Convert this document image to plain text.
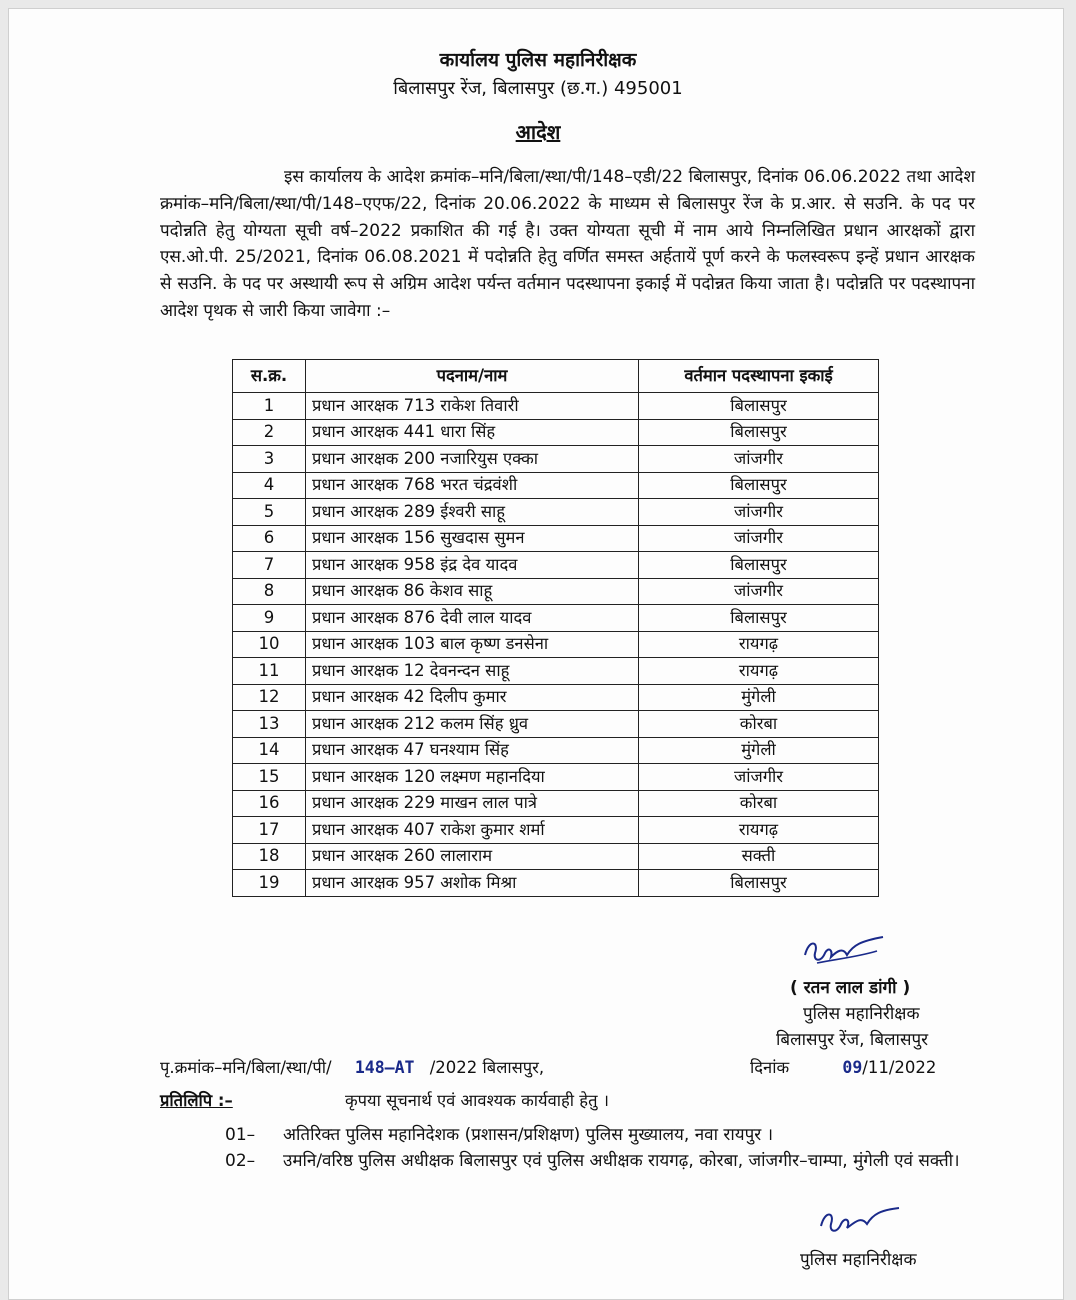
कार्यालय पुलिस महानिरीक्षक
बिलासपुर रेंज, बिलासपुर (छ.ग.) 495001
आदेश
इस कार्यालय के आदेश क्रमांक–मनि/बिला/स्था/पी/148–एडी/22 बिलासपुर, दिनांक 06.06.2022 तथा आदेश क्रमांक–मनि/बिला/स्था/पी/148–एएफ/22, दिनांक 20.06.2022 के माध्यम से बिलासपुर रेंज के प्र.आर. से सउनि. के पद पर पदोन्नति हेतु योग्यता सूची वर्ष–2022 प्रकाशित की गई है। उक्त योग्यता सूची में नाम आये निम्नलिखित प्रधान आरक्षकों द्वारा एस.ओ.पी. 25/2021, दिनांक 06.08.2021 में पदोन्नति हेतु वर्णित समस्त अर्हतायें पूर्ण करने के फलस्वरूप इन्हें प्रधान आरक्षक से सउनि. के पद पर अस्थायी रूप से अग्रिम आदेश पर्यन्त वर्तमान पदस्थापना इकाई में पदोन्नत किया जाता है। पदोन्नति पर पदस्थापना आदेश पृथक से जारी किया जावेगा :–
स.क्र.	पदनाम/नाम	वर्तमान पदस्थापना इकाई
1	प्रधान आरक्षक 713 राकेश तिवारी	बिलासपुर
2	प्रधान आरक्षक 441 धारा सिंह	बिलासपुर
3	प्रधान आरक्षक 200 नजारियुस एक्का	जांजगीर
4	प्रधान आरक्षक 768 भरत चंद्रवंशी	बिलासपुर
5	प्रधान आरक्षक 289 ईश्वरी साहू	जांजगीर
6	प्रधान आरक्षक 156 सुखदास सुमन	जांजगीर
7	प्रधान आरक्षक 958 इंद्र देव यादव	बिलासपुर
8	प्रधान आरक्षक 86 केशव साहू	जांजगीर
9	प्रधान आरक्षक 876 देवी लाल यादव	बिलासपुर
10	प्रधान आरक्षक 103 बाल कृष्ण डनसेना	रायगढ़
11	प्रधान आरक्षक 12 देवनन्दन साहू	रायगढ़
12	प्रधान आरक्षक 42 दिलीप कुमार	मुंगेली
13	प्रधान आरक्षक 212 कलम सिंह ध्रुव	कोरबा
14	प्रधान आरक्षक 47 घनश्याम सिंह	मुंगेली
15	प्रधान आरक्षक 120 लक्ष्मण महानदिया	जांजगीर
16	प्रधान आरक्षक 229 माखन लाल पात्रे	कोरबा
17	प्रधान आरक्षक 407 राकेश कुमार शर्मा	रायगढ़
18	प्रधान आरक्षक 260 लालाराम	सक्ती
19	प्रधान आरक्षक 957 अशोक मिश्रा	बिलासपुर
( रतन लाल डांगी )
पुलिस महानिरीक्षक
बिलासपुर रेंज, बिलासपुर
पृ.क्रमांक–मनि/बिला/स्था/पी/ 148–AT /2022 बिलासपुर,	दिनांक	09/11/2022
प्रतिलिपि :–	कृपया सूचनार्थ एवं आवश्यक कार्यवाही हेतु ।
01– अतिरिक्त पुलिस महानिदेशक (प्रशासन/प्रशिक्षण) पुलिस मुख्यालय, नवा रायपुर ।
02– उमनि/वरिष्ठ पुलिस अधीक्षक बिलासपुर एवं पुलिस अधीक्षक रायगढ़, कोरबा, जांजगीर–चाम्पा, मुंगेली एवं सक्ती।
पुलिस महानिरीक्षक
